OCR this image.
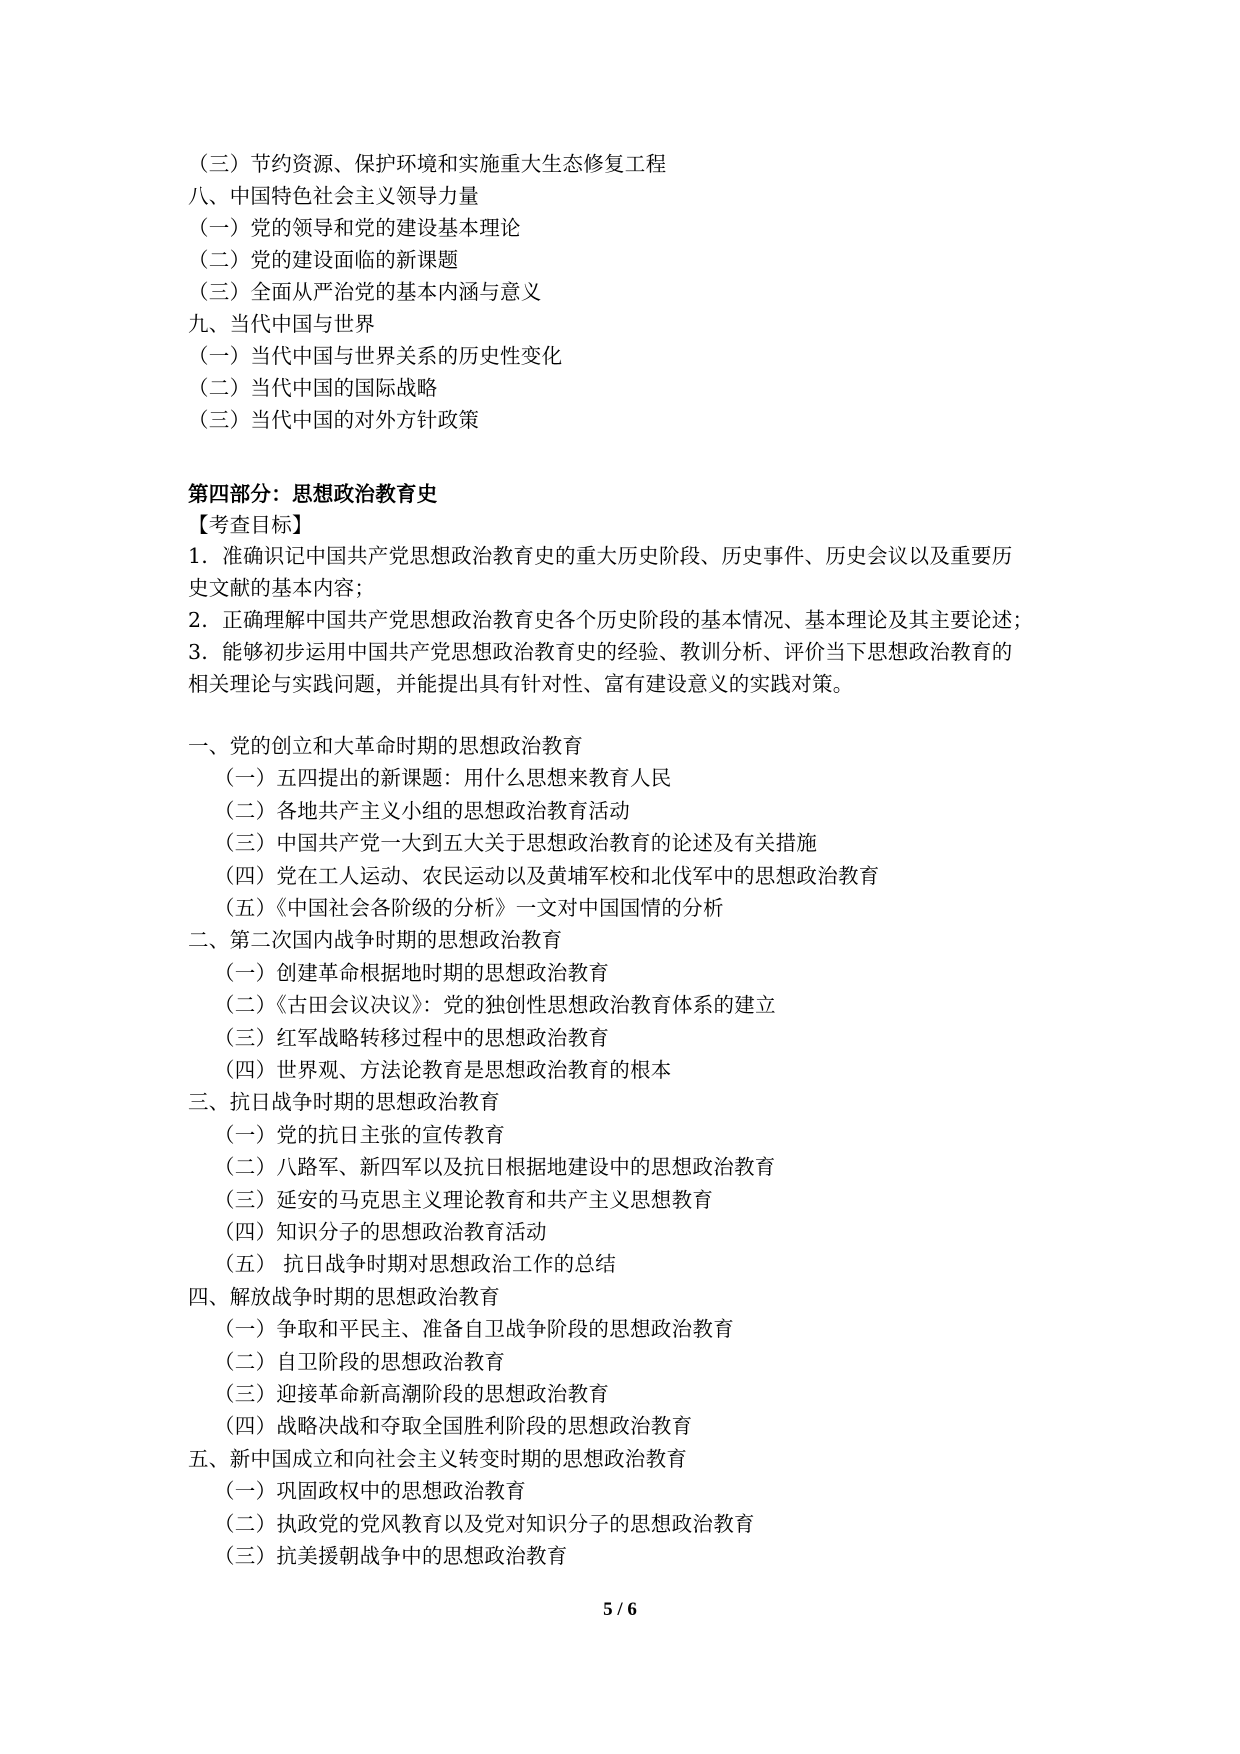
（三）节约资源、保护环境和实施重大生态修复工程
八、中国特色社会主义领导力量
（一）党的领导和党的建设基本理论
（二）党的建设面临的新课题
（三）全面从严治党的基本内涵与意义
九、当代中国与世界
（一）当代中国与世界关系的历史性变化
（二）当代中国的国际战略
（三）当代中国的对外方针政策
第四部分：思想政治教育史
【考查目标】
1．准确识记中国共产党思想政治教育史的重大历史阶段、历史事件、历史会议以及重要历
史文献的基本内容；
2．正确理解中国共产党思想政治教育史各个历史阶段的基本情况、基本理论及其主要论述；
3．能够初步运用中国共产党思想政治教育史的经验、教训分析、评价当下思想政治教育的
相关理论与实践问题，并能提出具有针对性、富有建设意义的实践对策。
一、党的创立和大革命时期的思想政治教育
（一）五四提出的新课题：用什么思想来教育人民
（二）各地共产主义小组的思想政治教育活动
（三）中国共产党一大到五大关于思想政治教育的论述及有关措施
（四）党在工人运动、农民运动以及黄埔军校和北伐军中的思想政治教育
（五）《中国社会各阶级的分析》一文对中国国情的分析
二、第二次国内战争时期的思想政治教育
（一）创建革命根据地时期的思想政治教育
（二）《古田会议决议》：党的独创性思想政治教育体系的建立
（三）红军战略转移过程中的思想政治教育
（四）世界观、方法论教育是思想政治教育的根本
三、抗日战争时期的思想政治教育
（一）党的抗日主张的宣传教育
（二）八路军、新四军以及抗日根据地建设中的思想政治教育
（三）延安的马克思主义理论教育和共产主义思想教育
（四）知识分子的思想政治教育活动
（五） 抗日战争时期对思想政治工作的总结
四、解放战争时期的思想政治教育
（一）争取和平民主、准备自卫战争阶段的思想政治教育
（二）自卫阶段的思想政治教育
（三）迎接革命新高潮阶段的思想政治教育
（四）战略决战和夺取全国胜利阶段的思想政治教育
五、新中国成立和向社会主义转变时期的思想政治教育
（一）巩固政权中的思想政治教育
（二）执政党的党风教育以及党对知识分子的思想政治教育
（三）抗美援朝战争中的思想政治教育
5 / 6
